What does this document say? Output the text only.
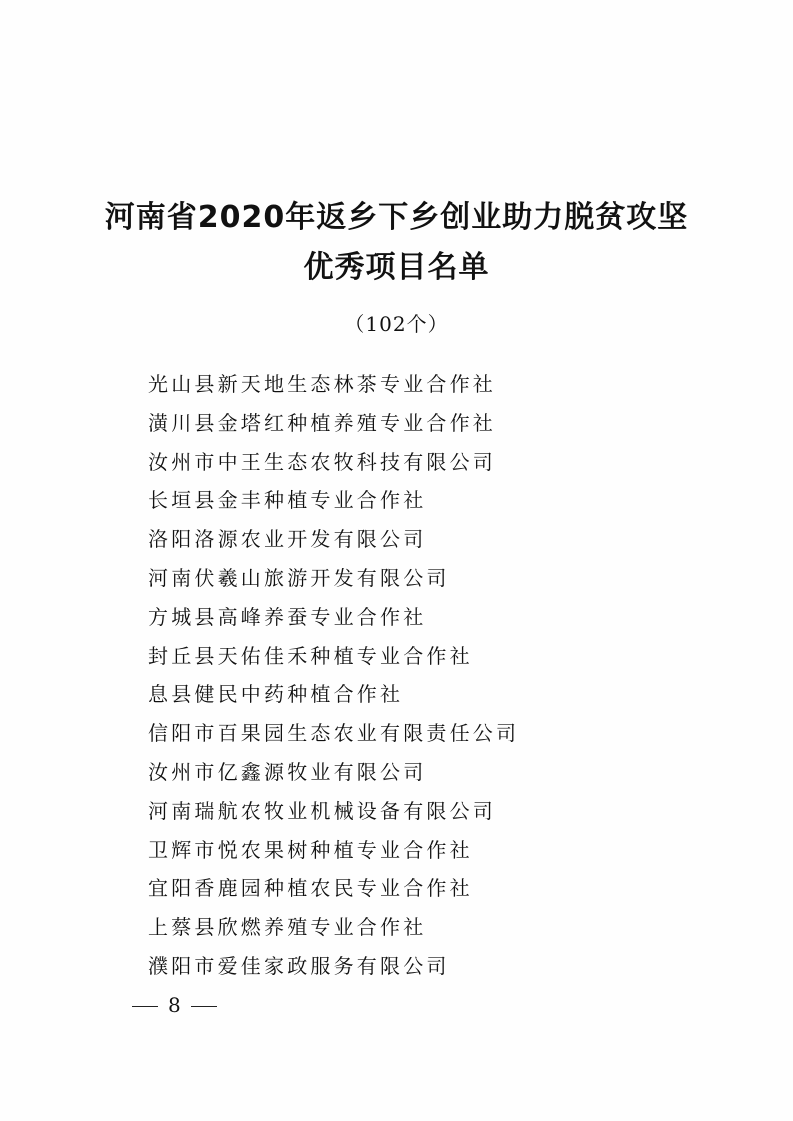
河南省2020年返乡下乡创业助力脱贫攻坚
优秀项目名单
（102个）
光山县新天地生态林茶专业合作社
潢川县金塔红种植养殖专业合作社
汝州市中王生态农牧科技有限公司
长垣县金丰种植专业合作社
洛阳洛源农业开发有限公司
河南伏羲山旅游开发有限公司
方城县高峰养蚕专业合作社
封丘县天佑佳禾种植专业合作社
息县健民中药种植合作社
信阳市百果园生态农业有限责任公司
汝州市亿鑫源牧业有限公司
河南瑞航农牧业机械设备有限公司
卫辉市悦农果树种植专业合作社
宜阳香鹿园种植农民专业合作社
上蔡县欣燃养殖专业合作社
濮阳市爱佳家政服务有限公司
8
